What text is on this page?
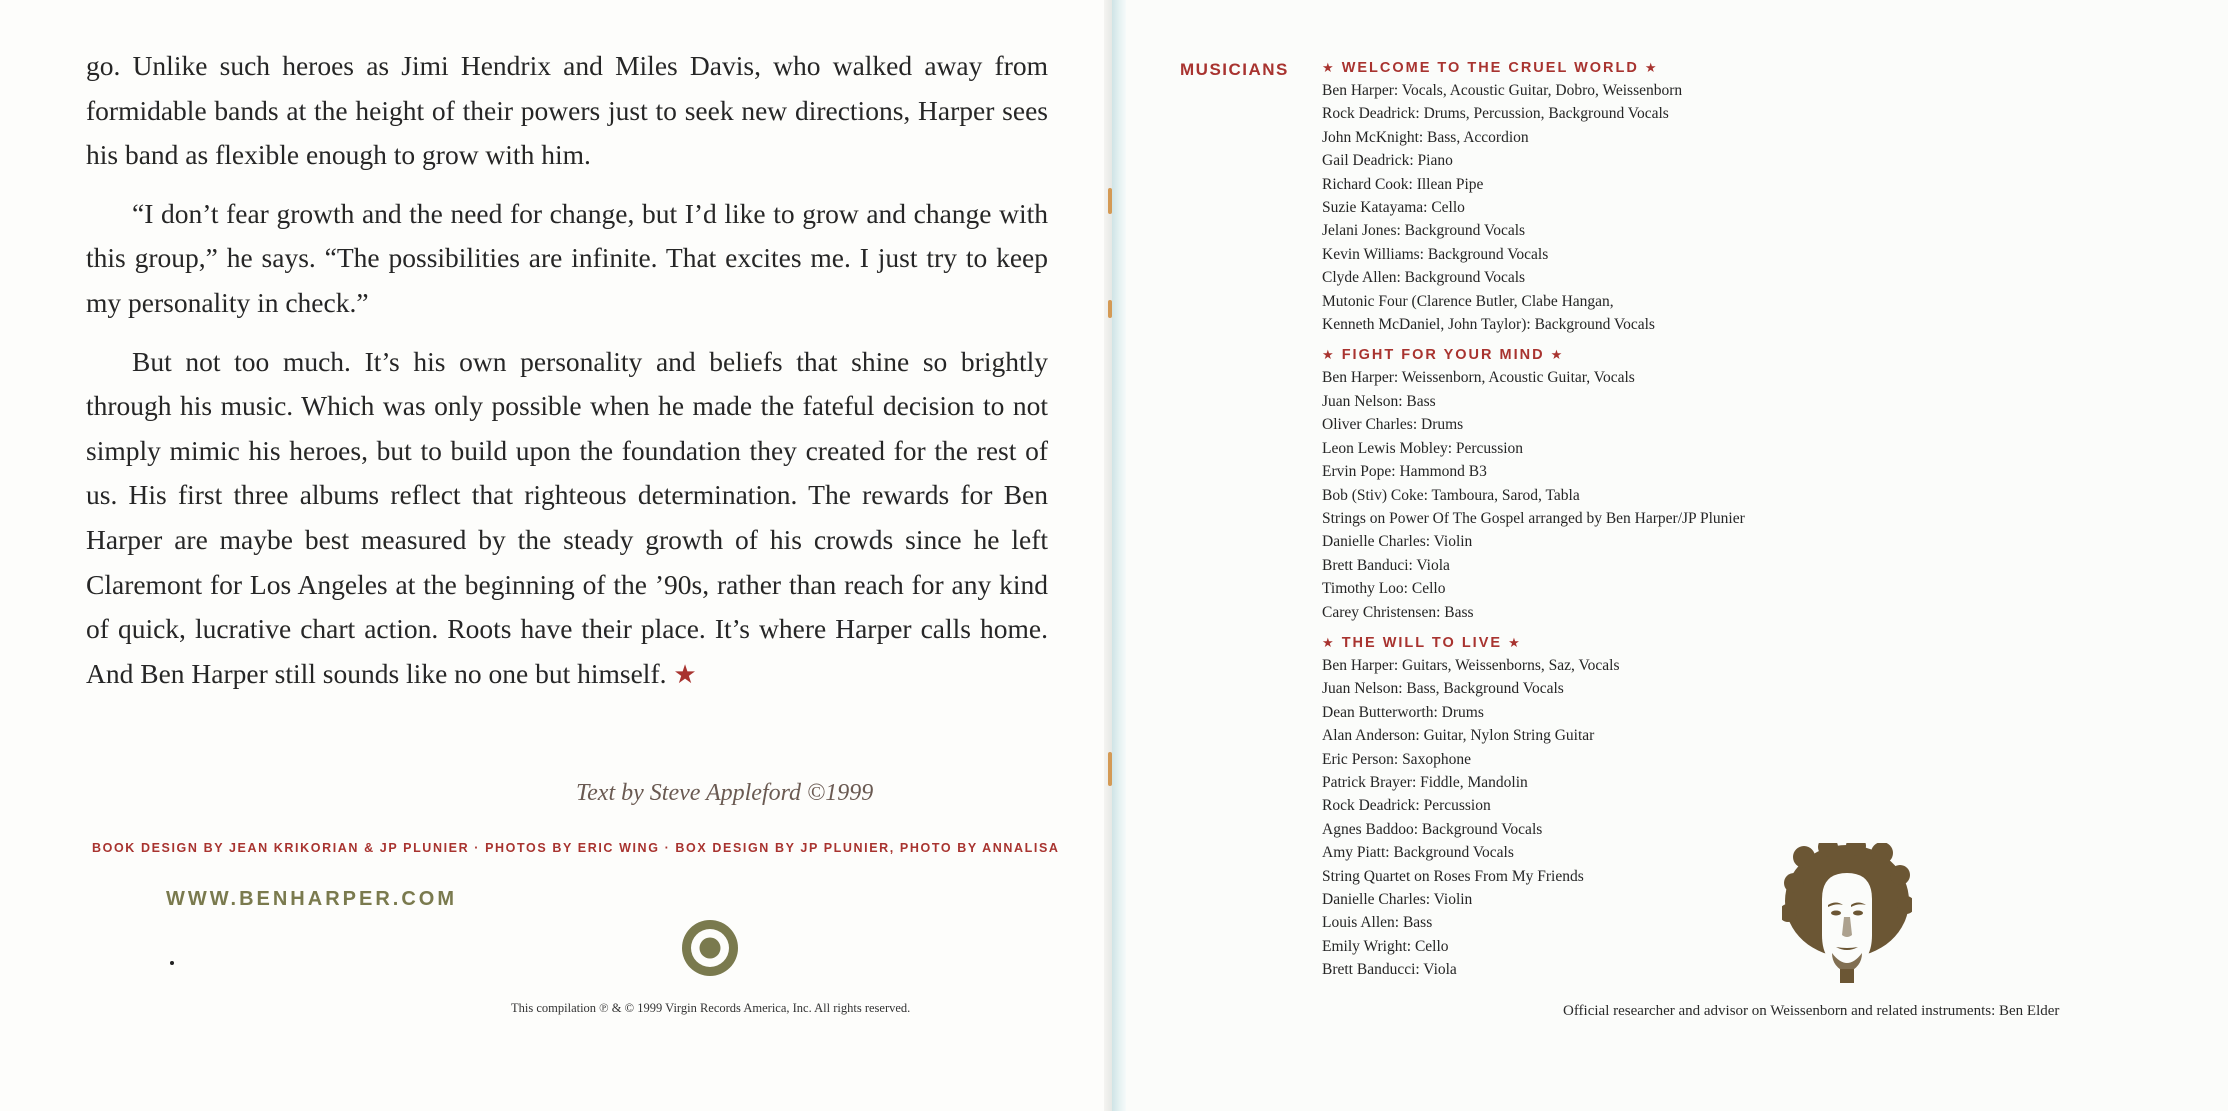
go. Unlike such heroes as Jimi Hendrix and Miles Davis, who walked away from formidable bands at the height of their powers just to seek new directions, Harper sees his band as flexible enough to grow with him.

“I don’t fear growth and the need for change, but I’d like to grow and change with this group,” he says. “The possibilities are infinite. That excites me. I just try to keep my personality in check.”

But not too much. It’s his own personality and beliefs that shine so brightly through his music. Which was only possible when he made the fateful decision to not simply mimic his heroes, but to build upon the foundation they created for the rest of us. His first three albums reflect that righteous determination. The rewards for Ben Harper are maybe best measured by the steady growth of his crowds since he left Claremont for Los Angeles at the beginning of the ’90s, rather than reach for any kind of quick, lucrative chart action. Roots have their place. It’s where Harper calls home. And Ben Harper still sounds like no one but himself. ★

Text by Steve Appleford ©1999
BOOK DESIGN BY JEAN KRIKORIAN & JP PLUNIER · PHOTOS BY ERIC WING · BOX DESIGN BY JP PLUNIER, PHOTO BY ANNALISA
WWW.BENHARPER.COM
This compilation ℗ & © 1999 Virgin Records America, Inc. All rights reserved.
MUSICIANS	★ WELCOME TO THE CRUEL WORLD ★
Ben Harper: Vocals, Acoustic Guitar, Dobro, Weissenborn
Rock Deadrick: Drums, Percussion, Background Vocals
John McKnight: Bass, Accordion
Gail Deadrick: Piano
Richard Cook: Illean Pipe
Suzie Katayama: Cello
Jelani Jones: Background Vocals
Kevin Williams: Background Vocals
Clyde Allen: Background Vocals
Mutonic Four (Clarence Butler, Clabe Hangan,
Kenneth McDaniel, John Taylor): Background Vocals
★ FIGHT FOR YOUR MIND ★
Ben Harper: Weissenborn, Acoustic Guitar, Vocals
Juan Nelson: Bass
Oliver Charles: Drums
Leon Lewis Mobley: Percussion
Ervin Pope: Hammond B3
Bob (Stiv) Coke: Tamboura, Sarod, Tabla
Strings on Power Of The Gospel arranged by Ben Harper/JP Plunier
Danielle Charles: Violin
Brett Banduci: Viola
Timothy Loo: Cello
Carey Christensen: Bass
★ THE WILL TO LIVE ★
Ben Harper: Guitars, Weissenborns, Saz, Vocals
Juan Nelson: Bass, Background Vocals
Dean Butterworth: Drums
Alan Anderson: Guitar, Nylon String Guitar
Eric Person: Saxophone
Patrick Brayer: Fiddle, Mandolin
Rock Deadrick: Percussion
Agnes Baddoo: Background Vocals
Amy Piatt: Background Vocals
String Quartet on Roses From My Friends
Danielle Charles: Violin
Louis Allen: Bass
Emily Wright: Cello
Brett Banducci: Viola
Official researcher and advisor on Weissenborn and related instruments: Ben Elder
